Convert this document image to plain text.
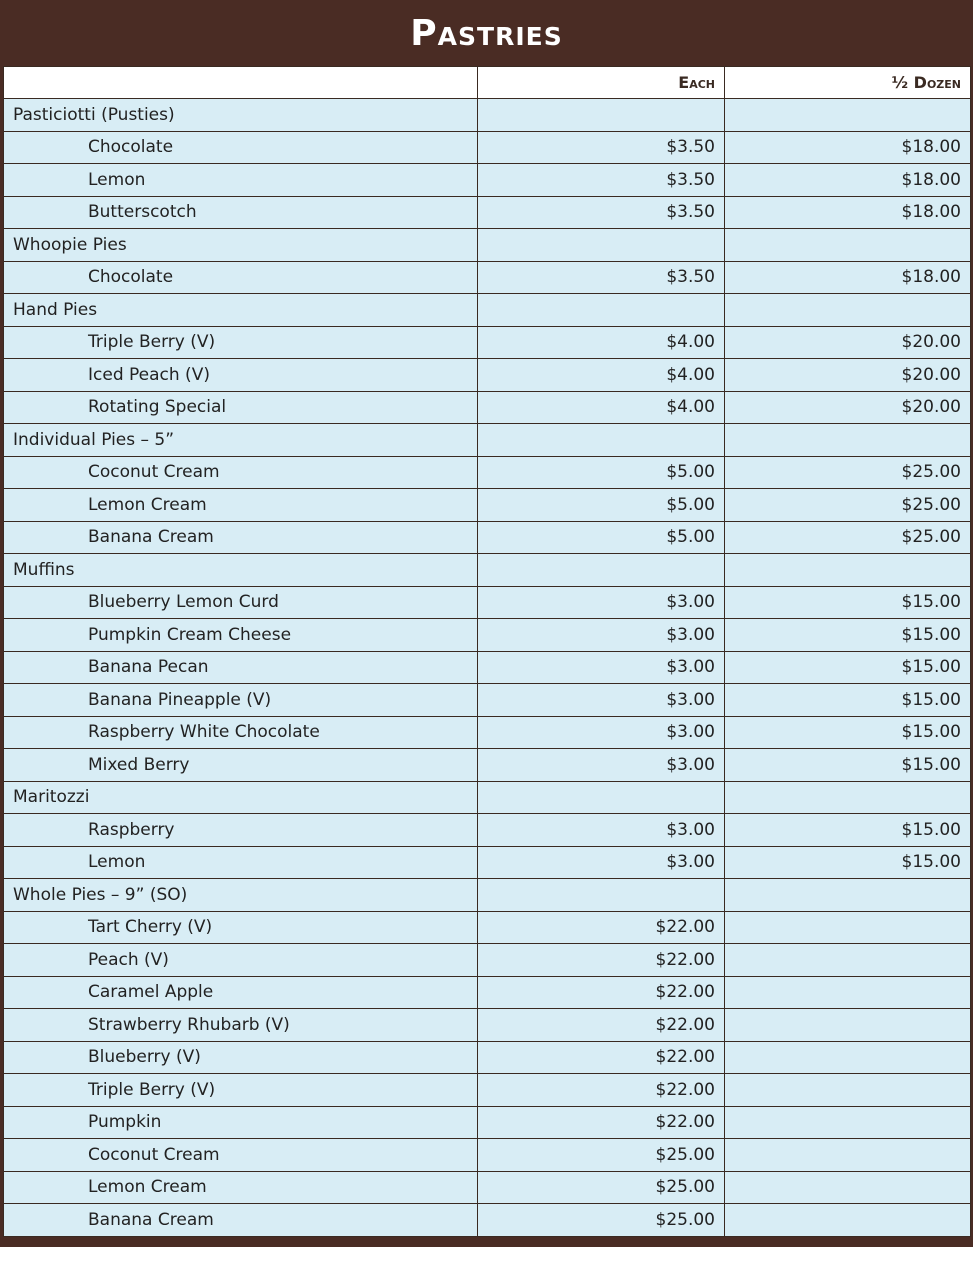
Pastries
	Each	½ Dozen
Pasticiotti (Pusties)		
Chocolate	$3.50	$18.00
Lemon	$3.50	$18.00
Butterscotch	$3.50	$18.00
Whoopie Pies		
Chocolate	$3.50	$18.00
Hand Pies		
Triple Berry (V)	$4.00	$20.00
Iced Peach (V)	$4.00	$20.00
Rotating Special	$4.00	$20.00
Individual Pies – 5”		
Coconut Cream	$5.00	$25.00
Lemon Cream	$5.00	$25.00
Banana Cream	$5.00	$25.00
Muffins		
Blueberry Lemon Curd	$3.00	$15.00
Pumpkin Cream Cheese	$3.00	$15.00
Banana Pecan	$3.00	$15.00
Banana Pineapple (V)	$3.00	$15.00
Raspberry White Chocolate	$3.00	$15.00
Mixed Berry	$3.00	$15.00
Maritozzi		
Raspberry	$3.00	$15.00
Lemon	$3.00	$15.00
Whole Pies – 9” (SO)		
Tart Cherry (V)	$22.00	
Peach (V)	$22.00	
Caramel Apple	$22.00	
Strawberry Rhubarb (V)	$22.00	
Blueberry (V)	$22.00	
Triple Berry (V)	$22.00	
Pumpkin	$22.00	
Coconut Cream	$25.00	
Lemon Cream	$25.00	
Banana Cream	$25.00	
